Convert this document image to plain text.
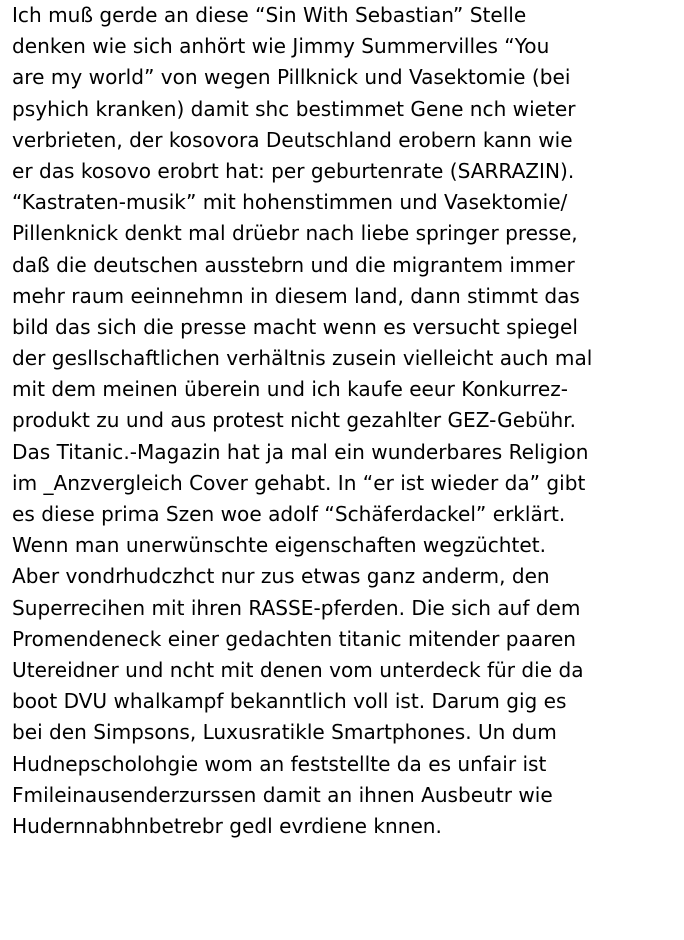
Ich muß gerde an diese “Sin With Sebastian” Stelle
denken wie sich anhört wie Jimmy Summervilles “You
are my world” von wegen Pillknick und Vasektomie (bei
psyhich kranken) damit shc bestimmet Gene nch wieter
verbrieten, der kosovora Deutschland erobern kann wie
er das kosovo erobrt hat: per geburtenrate (SARRAZIN).
“Kastraten-musik” mit hohenstimmen und Vasektomie/
Pillenknick denkt mal drüebr nach liebe springer presse,
daß die deutschen ausstebrn und die migrantem immer
mehr raum eeinnehmn in diesem land, dann stimmt das
bild das sich die presse macht wenn es versucht spiegel
der geslIschaftlichen verhältnis zusein vielleicht auch mal
mit dem meinen überein und ich kaufe eeur Konkurrez-
produkt zu und aus protest nicht gezahlter GEZ-Gebühr.
Das Titanic.-Magazin hat ja mal ein wunderbares Religion
im _Anzvergleich Cover gehabt. In “er ist wieder da” gibt
es diese prima Szen woe adolf “Schäferdackel” erklärt.
Wenn man unerwünschte eigenschaften wegzüchtet.
Aber vondrhudczhct nur zus etwas ganz anderm, den
Superrecihen mit ihren RASSE-pferden. Die sich auf dem
Promendeneck einer gedachten titanic mitender paaren
Utereidner und ncht mit denen vom unterdeck für die da
boot DVU whalkampf bekanntlich voll ist. Darum gig es
bei den Simpsons, Luxusratikle Smartphones. Un dum
Hudnepscholohgie wom an feststellte da es unfair ist
Fmileinausenderzurssen damit an ihnen Ausbeutr wie
Hudernnabhnbetrebr gedl evrdiene knnen.
